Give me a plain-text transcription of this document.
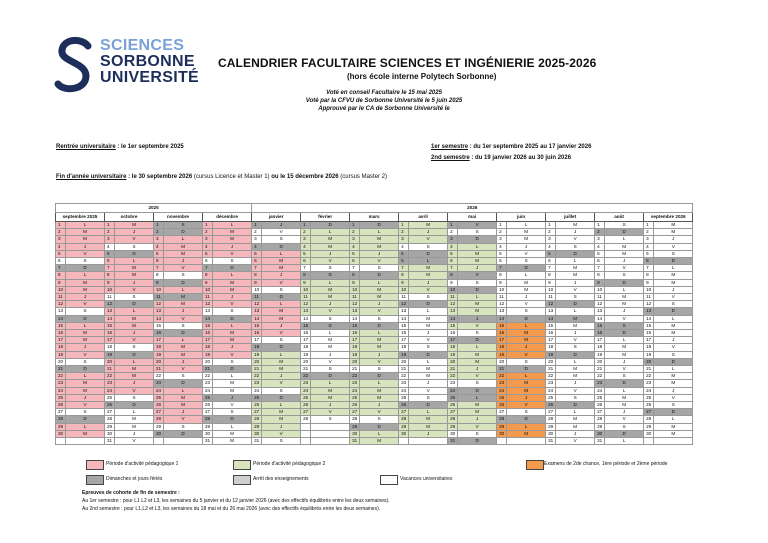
SCIENCES
SORBONNE
UNIVERSITÉ
CALENDRIER FACULTAIRE SCIENCES ET INGÉNIERIE 2025-2026
(hors école interne Polytech Sorbonne)
Voté en conseil Facultaire le 15 mai 2025
Voté par la CFVU de Sorbonne Université le 5 juin 2025
Approuvé par le CA de Sorbonne Université le
Rentrée universitaire : le 1er septembre 2025	1er semestre : du 1er septembre 2025 au 17 janvier 2026
2nd semestre : du 19 janvier 2026 au 30 juin 2026
Fin d'année universitaire : le 30 septembre 2026 (cursus Licence et Master 1) ou le 15 décembre 2026 (cursus Master 2)
2025								2026																	
septembre 2025		octobre		novembre		décembre		janvier		février		mars		avril		mai		juin		juillet		août		septembre 2026	
1	L	1	M	1	S	1	L	1	J	1	D	1	D	1	M	1	V	1	L	1	M	1	S	1	M
2	M	2	J	2	D	2	M	2	V	2	L	2	L	2	J	2	S	2	M	2	J	2	D	2	M
3	M	3	V	3	L	3	M	3	S	3	M	3	M	3	V	3	D	3	M	3	V	3	L	3	J
4	J	4	S	4	M	4	J	4	D	4	M	4	M	4	S	4	L	4	J	4	S	4	M	4	V
5	V	5	D	5	M	5	V	5	L	5	J	5	J	5	D	5	M	5	V	5	D	5	M	5	S
6	S	6	L	6	J	6	S	6	M	6	V	6	V	6	L	6	M	6	S	6	L	6	J	6	D
7	D	7	M	7	V	7	D	7	M	7	S	7	S	7	M	7	J	7	D	7	M	7	V	7	L
8	L	8	M	8	S	8	L	8	J	8	D	8	D	8	M	8	V	8	L	8	M	8	S	8	M
9	M	9	J	9	D	9	M	9	V	9	L	9	L	9	J	9	S	9	M	9	J	9	D	9	M
10	M	10	V	10	L	10	M	10	S	10	M	10	M	10	V	10	D	10	M	10	V	10	L	10	J
11	J	11	S	11	M	11	J	11	D	11	M	11	M	11	S	11	L	11	J	11	S	11	M	11	V
12	V	12	D	12	M	12	V	12	L	12	J	12	J	12	D	12	M	12	V	12	D	12	M	12	S
13	S	13	L	13	J	13	S	13	M	13	V	13	V	13	L	13	M	13	S	13	L	13	J	13	D
14	D	14	M	14	V	14	D	14	M	14	S	14	S	14	M	14	J	14	D	14	M	14	V	14	L
15	L	15	M	15	S	15	L	15	J	15	D	15	D	15	M	15	V	15	L	15	M	15	S	15	M
16	M	16	J	16	D	16	M	16	V	16	L	16	L	16	J	16	S	16	M	16	J	16	D	16	M
17	M	17	V	17	L	17	M	17	S	17	M	17	M	17	V	17	D	17	M	17	V	17	L	17	J
18	J	18	S	18	M	18	J	18	D	18	M	18	M	18	S	18	L	18	J	18	S	18	M	18	V
19	V	19	D	19	M	19	V	19	L	19	J	19	J	19	D	19	M	19	V	19	D	19	M	19	S
20	S	20	L	20	J	20	S	20	M	20	V	20	V	20	L	20	M	20	S	20	L	20	J	20	D
21	D	21	M	21	V	21	D	21	M	21	S	21	S	21	M	21	J	21	D	21	M	21	V	21	L
22	L	22	M	22	S	22	L	22	J	22	D	22	D	22	M	22	V	22	L	22	M	22	S	22	M
23	M	23	J	23	D	23	M	23	V	23	L	23	L	23	J	23	S	23	M	23	J	23	D	23	M
24	M	24	V	24	L	24	M	24	S	24	M	24	M	24	V	24	D	24	M	24	V	24	L	24	J
25	J	25	S	25	M	25	J	25	D	25	M	25	M	25	S	25	L	25	J	25	S	25	M	25	V
26	V	26	D	26	M	26	V	26	L	26	J	26	J	26	D	26	M	26	V	26	D	26	M	26	S
27	S	27	L	27	J	27	S	27	M	27	V	27	V	27	L	27	M	27	S	27	L	27	J	27	D
28	D	28	M	28	V	28	D	28	M	28	S	28	S	28	M	28	J	28	D	28	M	28	V	28	L
29	L	29	M	29	S	29	L	29	J			29	D	29	M	29	V	29	L	29	M	29	S	29	M
30	M	30	J	30	D	30	M	30	V			30	L	30	J	30	S	30	M	30	J	30	D	30	M
		31	V			31	M	31	S			31	M			31	D			31	V	31	L		
Période d'activité pédagogique 1	Période d'activité pédagogique 2	Examens de 2de chance, 1ère période et 2ème période
Dimanches et jours fériés	Arrêt des enseignements	Vacances universitaires
Epreuves de cohorte de fin de semestre :
Au 1er semestre : pour L1 L2 et L3, les semaines du 5 janvier et du 12 janvier 2026 (avec des effectifs équilibrés entre les deux semaines).
Au 2nd semestre : pour L1,L2 et L3, les semaines du 18 mai et du 26 mai 2026 (avec des effectifs équilibrés entre les deux semaines).
